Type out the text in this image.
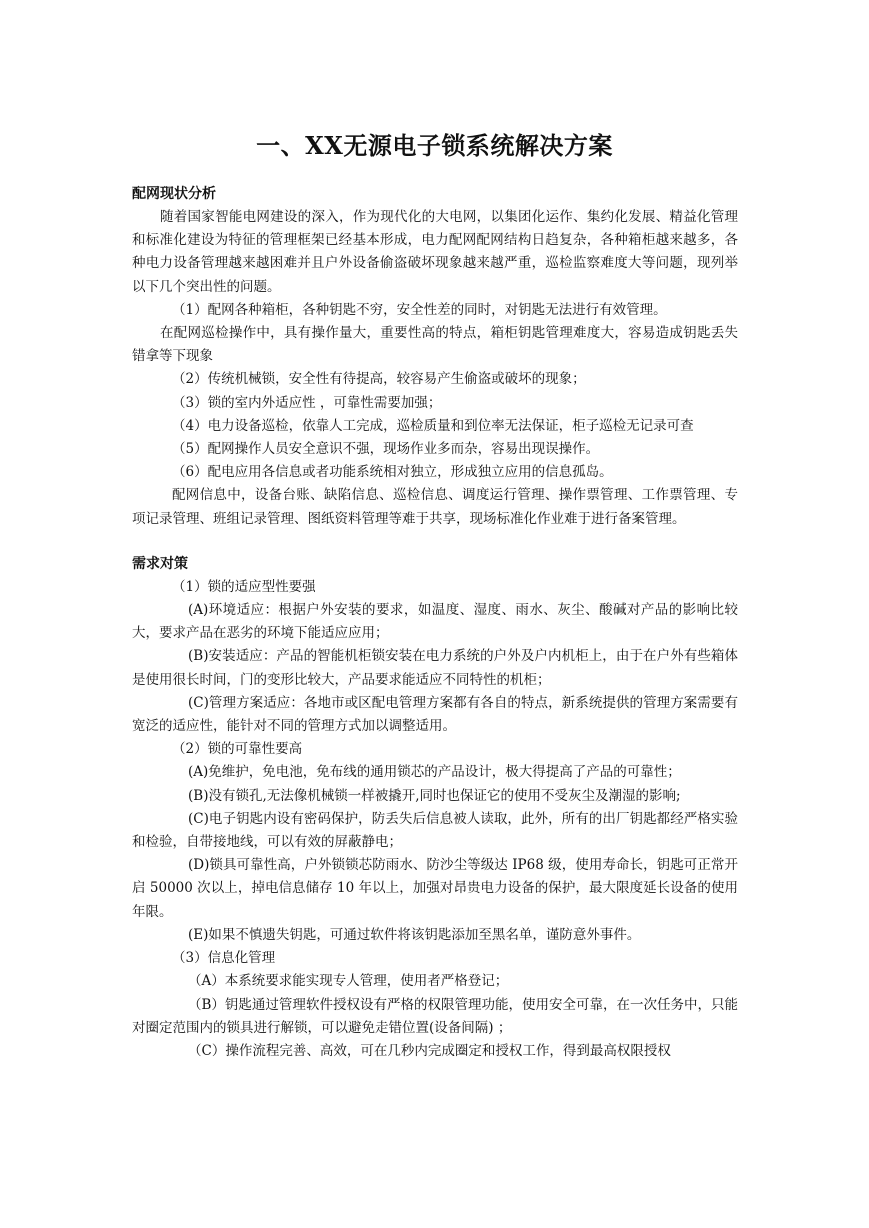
一、XX无源电子锁系统解决方案

配网现状分析

随着国家智能电网建设的深入，作为现代化的大电网，以集团化运作、集约化发展、精益化管理和标准化建设为特征的管理框架已经基本形成，电力配网配网结构日趋复杂，各种箱柜越来越多，各种电力设备管理越来越困难并且户外设备偷盗破坏现象越来越严重，巡检监察难度大等问题，现列举以下几个突出性的问题。

（1）配网各种箱柜，各种钥匙不穷，安全性差的同时，对钥匙无法进行有效管理。

在配网巡检操作中，具有操作量大，重要性高的特点，箱柜钥匙管理难度大，容易造成钥匙丢失错拿等下现象

（2）传统机械锁，安全性有待提高，较容易产生偷盗或破坏的现象；

（3）锁的室内外适应性 ，可靠性需要加强；

（4）电力设备巡检，依靠人工完成，巡检质量和到位率无法保证，柜子巡检无记录可查

（5）配网操作人员安全意识不强，现场作业多而杂，容易出现误操作。

（6）配电应用各信息或者功能系统相对独立，形成独立应用的信息孤岛。

配网信息中，设备台账、缺陷信息、巡检信息、调度运行管理、操作票管理、工作票管理、专项记录管理、班组记录管理、图纸资料管理等难于共享，现场标准化作业难于进行备案管理。

需求对策

（1）锁的适应型性要强

(A)环境适应：根据户外安装的要求，如温度、湿度、雨水、灰尘、酸碱对产品的影响比较大，要求产品在恶劣的环境下能适应应用；

(B)安装适应：产品的智能机柜锁安装在电力系统的户外及户内机柜上，由于在户外有些箱体是使用很长时间，门的变形比较大，产品要求能适应不同特性的机柜；

(C)管理方案适应：各地市或区配电管理方案都有各自的特点，新系统提供的管理方案需要有宽泛的适应性，能针对不同的管理方式加以调整适用。

（2）锁的可靠性要高

(A)免维护，免电池，免布线的通用锁芯的产品设计，极大得提高了产品的可靠性；

(B)没有锁孔,无法像机械锁一样被撬开,同时也保证它的使用不受灰尘及潮湿的影响;

(C)电子钥匙内设有密码保护，防丢失后信息被人读取，此外，所有的出厂钥匙都经严格实验和检验，自带接地线，可以有效的屏蔽静电；

(D)锁具可靠性高，户外锁锁芯防雨水、防沙尘等级达 IP68 级，使用寿命长，钥匙可正常开启 50000 次以上，掉电信息储存 10 年以上，加强对昂贵电力设备的保护，最大限度延长设备的使用年限。

(E)如果不慎遗失钥匙，可通过软件将该钥匙添加至黑名单，谨防意外事件。

（3）信息化管理

（A）本系统要求能实现专人管理，使用者严格登记；

（B）钥匙通过管理软件授权设有严格的权限管理功能，使用安全可靠，在一次任务中，只能对圈定范围内的锁具进行解锁，可以避免走错位置(设备间隔) ；

（C）操作流程完善、高效，可在几秒内完成圈定和授权工作，得到最高权限授权
